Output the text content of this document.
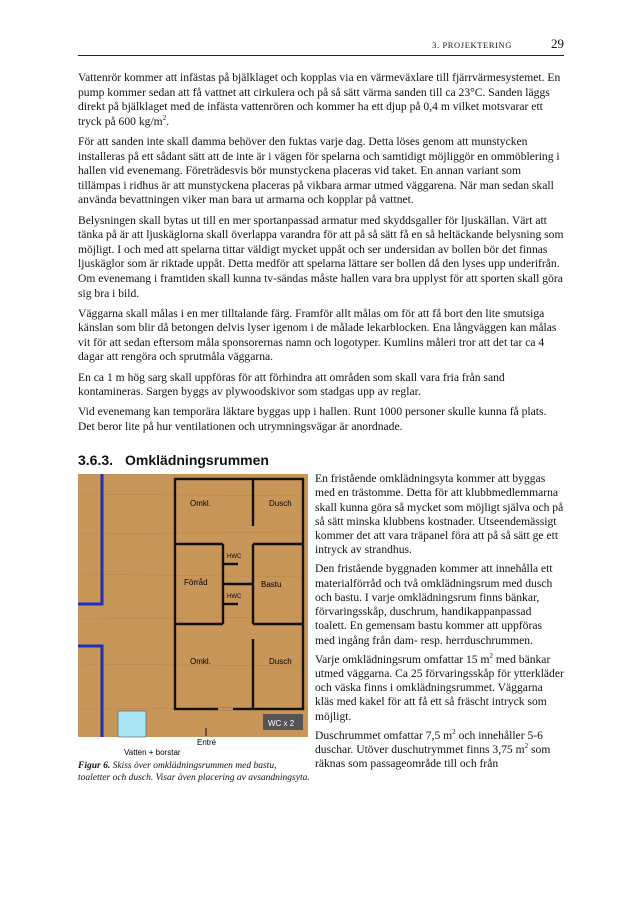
3. PROJEKTERING	29

Vattenrör kommer att infästas på bjälklaget och kopplas via en värmeväxlare till fjärrvärmesystemet. En pump kommer sedan att få vattnet att cirkulera och på så sätt värma sanden till ca 23°C. Sanden läggs direkt på bjälklaget med de infästa vattenrören och kommer ha ett djup på 0,4 m vilket motsvarar ett tryck på 600 $kg/m^2$.

För att sanden inte skall damma behöver den fuktas varje dag. Detta löses genom att munstycken installeras på ett sådant sätt att de inte är i vägen för spelarna och samtidigt möjliggör en ommöblering i hallen vid evenemang. Företrädesvis bör munstyckena placeras vid taket. En annan variant som tillämpas i ridhus är att munstyckena placeras på vikbara armar utmed väggarena. När man sedan skall använda bevattningen viker man bara ut armarna och kopplar på vattnet.

Belysningen skall bytas ut till en mer sportanpassad armatur med skyddsgaller för ljuskällan. Värt att tänka på är att ljuskäglorna skall överlappa varandra för att på så sätt få en så heltäckande belysning som möjligt. I och med att spelarna tittar väldigt mycket uppåt och ser undersidan av bollen bör det finnas ljuskäglor som är riktade uppåt. Detta medför att spelarna lättare ser bollen då den lyses upp underifrån. Om evenemang i framtiden skall kunna tv-sändas måste hallen vara bra upplyst för att sporten skall göra sig bra i bild.

Väggarna skall målas i en mer tilltalande färg. Framför allt målas om för att få bort den lite smutsiga känslan som blir då betongen delvis lyser igenom i de målade lekarblocken. Ena långväggen kan målas vit för att sedan eftersom måla sponsorernas namn och logotyper. Kumlins måleri tror att det tar ca 4 dagar att rengöra och sprutmåla väggarna.

En ca 1 m hög sarg skall uppföras för att förhindra att områden som skall vara fria från sand kontamineras. Sargen byggs av plywoodskivor som stadgas upp av reglar.

Vid evenemang kan temporära läktare byggas upp i hallen. Runt 1000 personer skulle kunna få plats. Det beror lite på hur ventilationen och utrymningsvägar är anordnade.

3.6.3. Omklädningsrummen
Omkl.	Dusch
Förråd
HWC
Bastu
HWC
Omkl.	Dusch
WC x 2
Entré
Vatten + borstar
Figur 6. Skiss över omklädningsrummen med bastu, toaletter och dusch. Visar även placering av avsandningsyta.

En fristående omklädningsyta kommer att byggas med en trästomme. Detta för att klubbmedlemmarna skall kunna göra så mycket som möjligt själva och på så sätt minska klubbens kostnader. Utseendemässigt kommer det att vara träpanel föra att på så sätt ge ett intryck av strandhus.

Den fristående byggnaden kommer att innehålla ett materialförråd och två omklädningsrum med dusch och bastu. I varje omklädningsrum finns bänkar, förvaringsskåp, duschrum, handikappanpassad toalett. En gemensam bastu kommer att uppföras med ingång från dam- resp. herrduschrummen.

Varje omklädningsrum omfattar 15 $m^2$ med bänkar utmed väggarna. Ca 25 förvaringsskåp för ytterkläder och väska finns i omklädningsrummet. Väggarna kläs med kakel för att få ett så fräscht intryck som möjligt.

Duschrummet omfattar 7,5 $m^2$ och innehåller 5-6 duschar. Utöver duschutrymmet finns 3,75 $m^2$ som räknas som passageområde till och från
